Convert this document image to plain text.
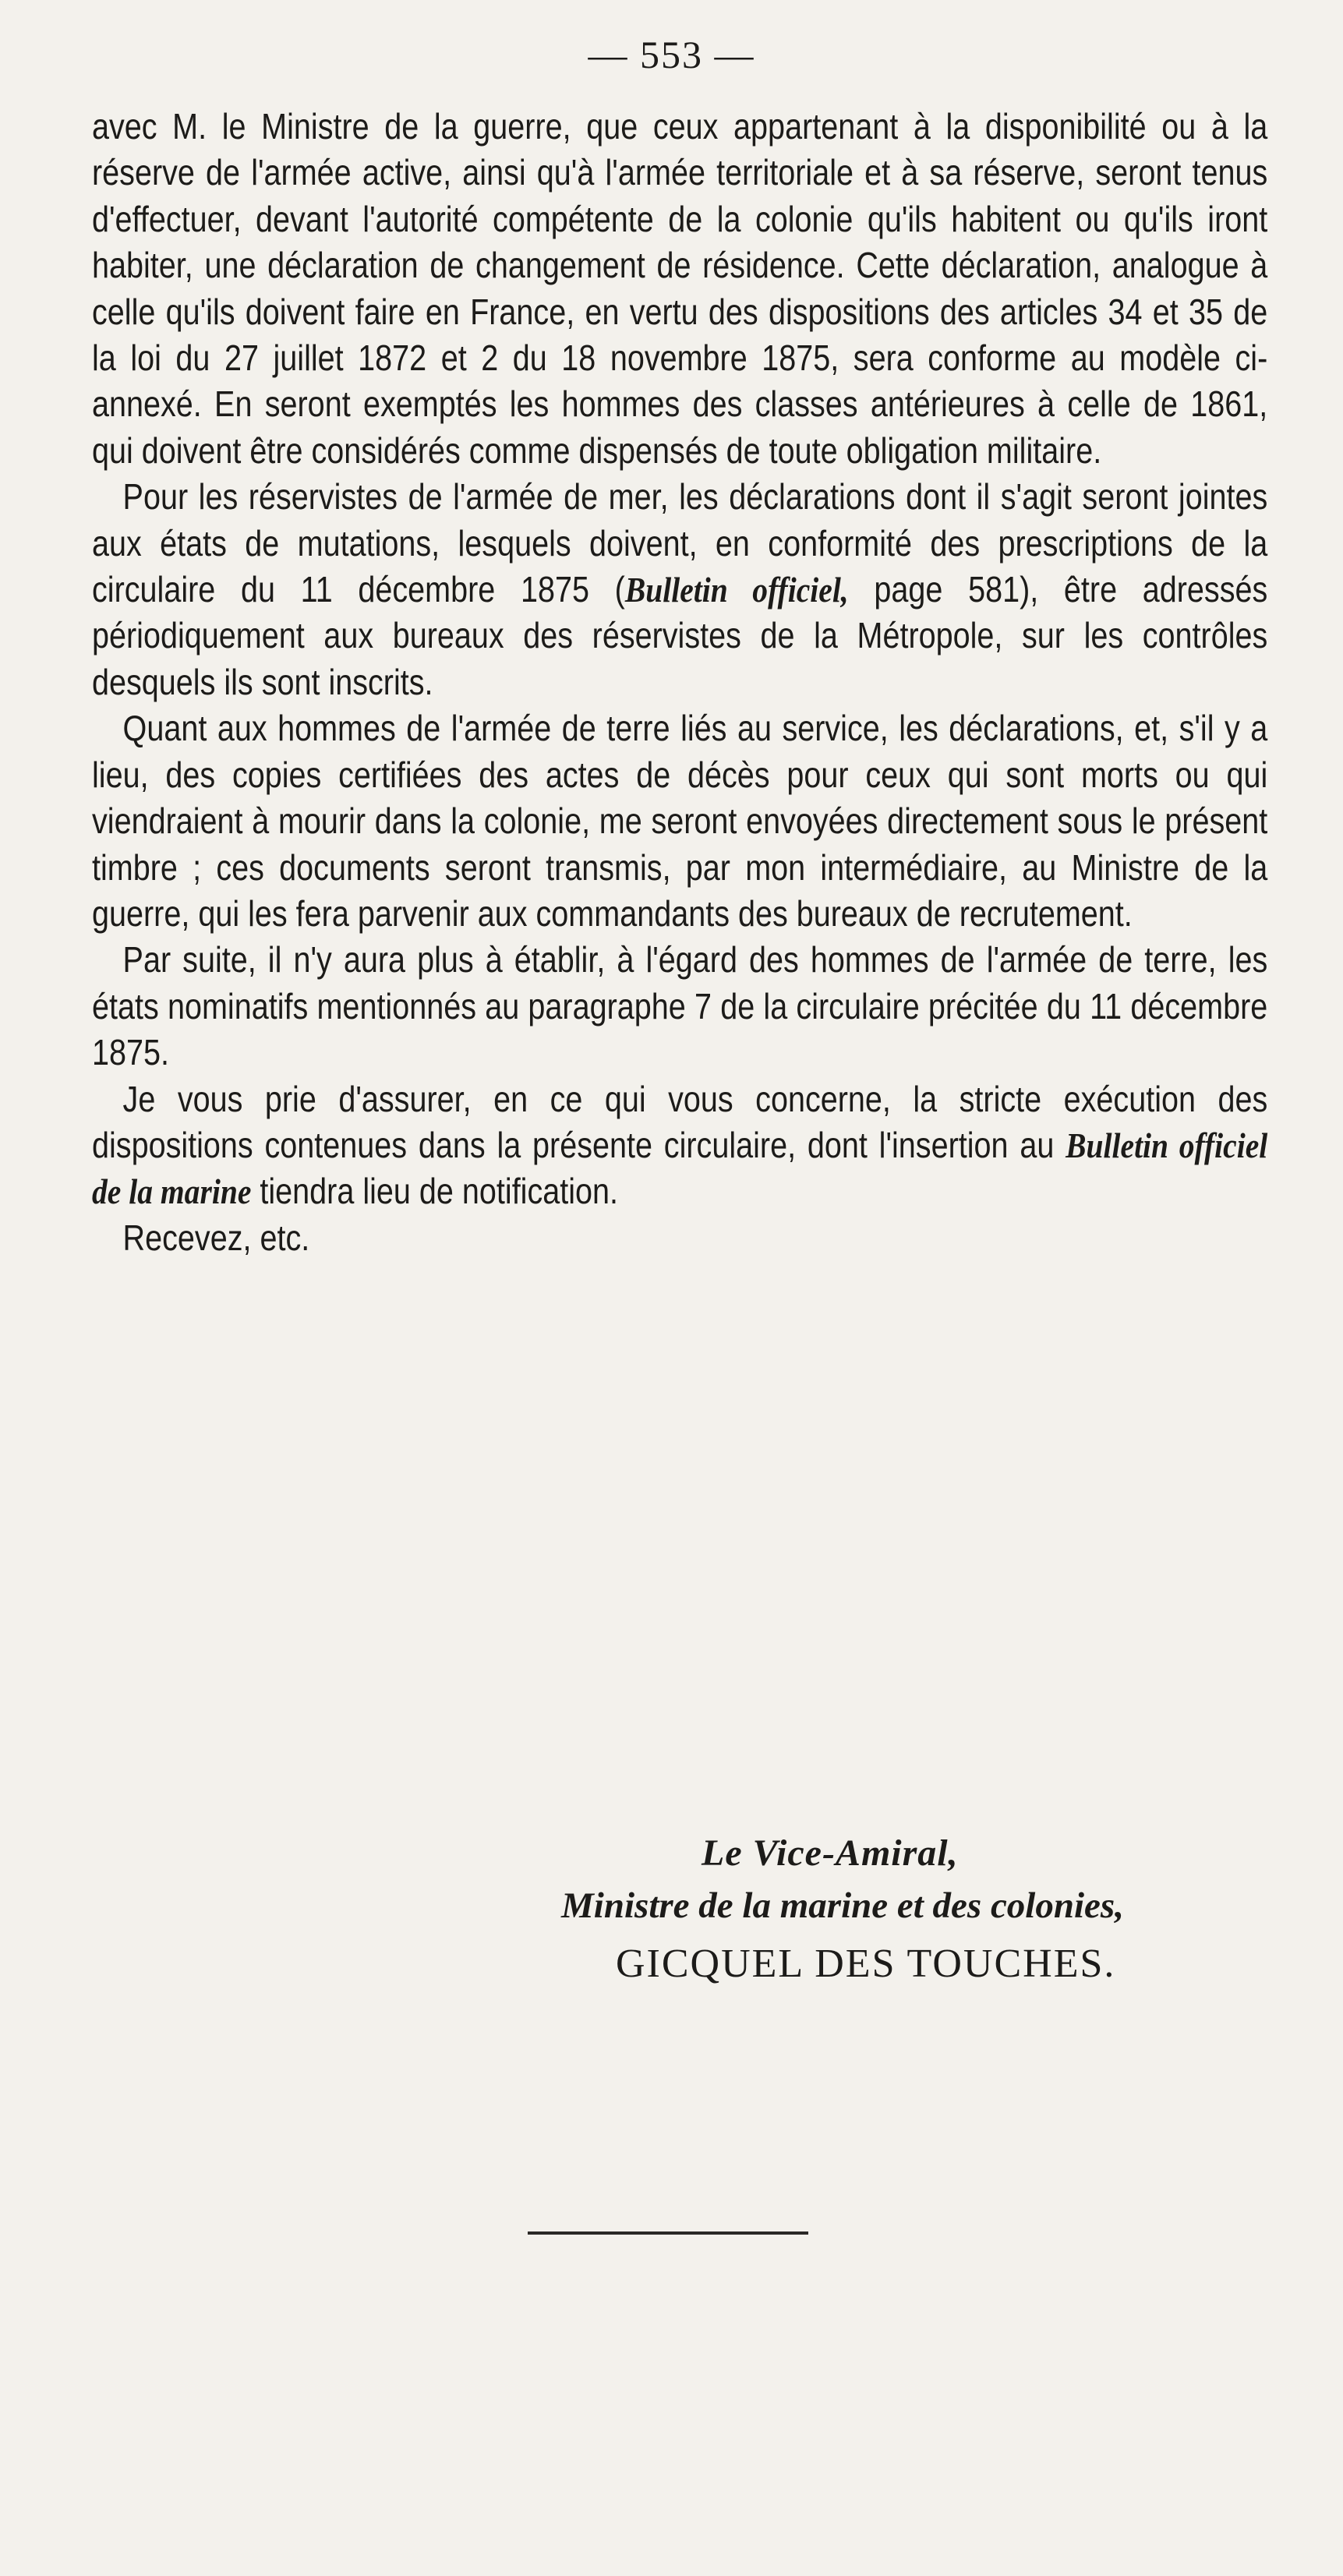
— 553 —

avec M. le Ministre de la guerre, que ceux appartenant à la disponibilité ou à la réserve de l'armée active, ainsi qu'à l'armée territoriale et à sa réserve, seront tenus d'effectuer, devant l'autorité compétente de la colonie qu'ils habitent ou qu'ils iront habiter, une déclaration de changement de résidence. Cette déclaration, analogue à celle qu'ils doivent faire en France, en vertu des dispositions des articles 34 et 35 de la loi du 27 juillet 1872 et 2 du 18 novembre 1875, sera conforme au modèle ci-annexé. En seront exemptés les hommes des classes antérieures à celle de 1861, qui doivent être considérés comme dispensés de toute obligation militaire.

Pour les réservistes de l'armée de mer, les déclarations dont il s'agit seront jointes aux états de mutations, lesquels doivent, en conformité des prescriptions de la circulaire du 11 décembre 1875 (Bulletin officiel, page 581), être adressés périodiquement aux bureaux des réservistes de la Métropole, sur les contrôles desquels ils sont inscrits.

Quant aux hommes de l'armée de terre liés au service, les déclarations, et, s'il y a lieu, des copies certifiées des actes de décès pour ceux qui sont morts ou qui viendraient à mourir dans la colonie, me seront envoyées directement sous le présent timbre ; ces documents seront transmis, par mon intermédiaire, au Ministre de la guerre, qui les fera parvenir aux commandants des bureaux de recrutement.

Par suite, il n'y aura plus à établir, à l'égard des hommes de l'armée de terre, les états nominatifs mentionnés au paragraphe 7 de la circulaire précitée du 11 décembre 1875.

Je vous prie d'assurer, en ce qui vous concerne, la stricte exécution des dispositions contenues dans la présente circulaire, dont l'insertion au Bulletin officiel de la marine tiendra lieu de notification.

Recevez, etc.

Le Vice-Amiral,
Ministre de la marine et des colonies,
GICQUEL DES TOUCHES.
